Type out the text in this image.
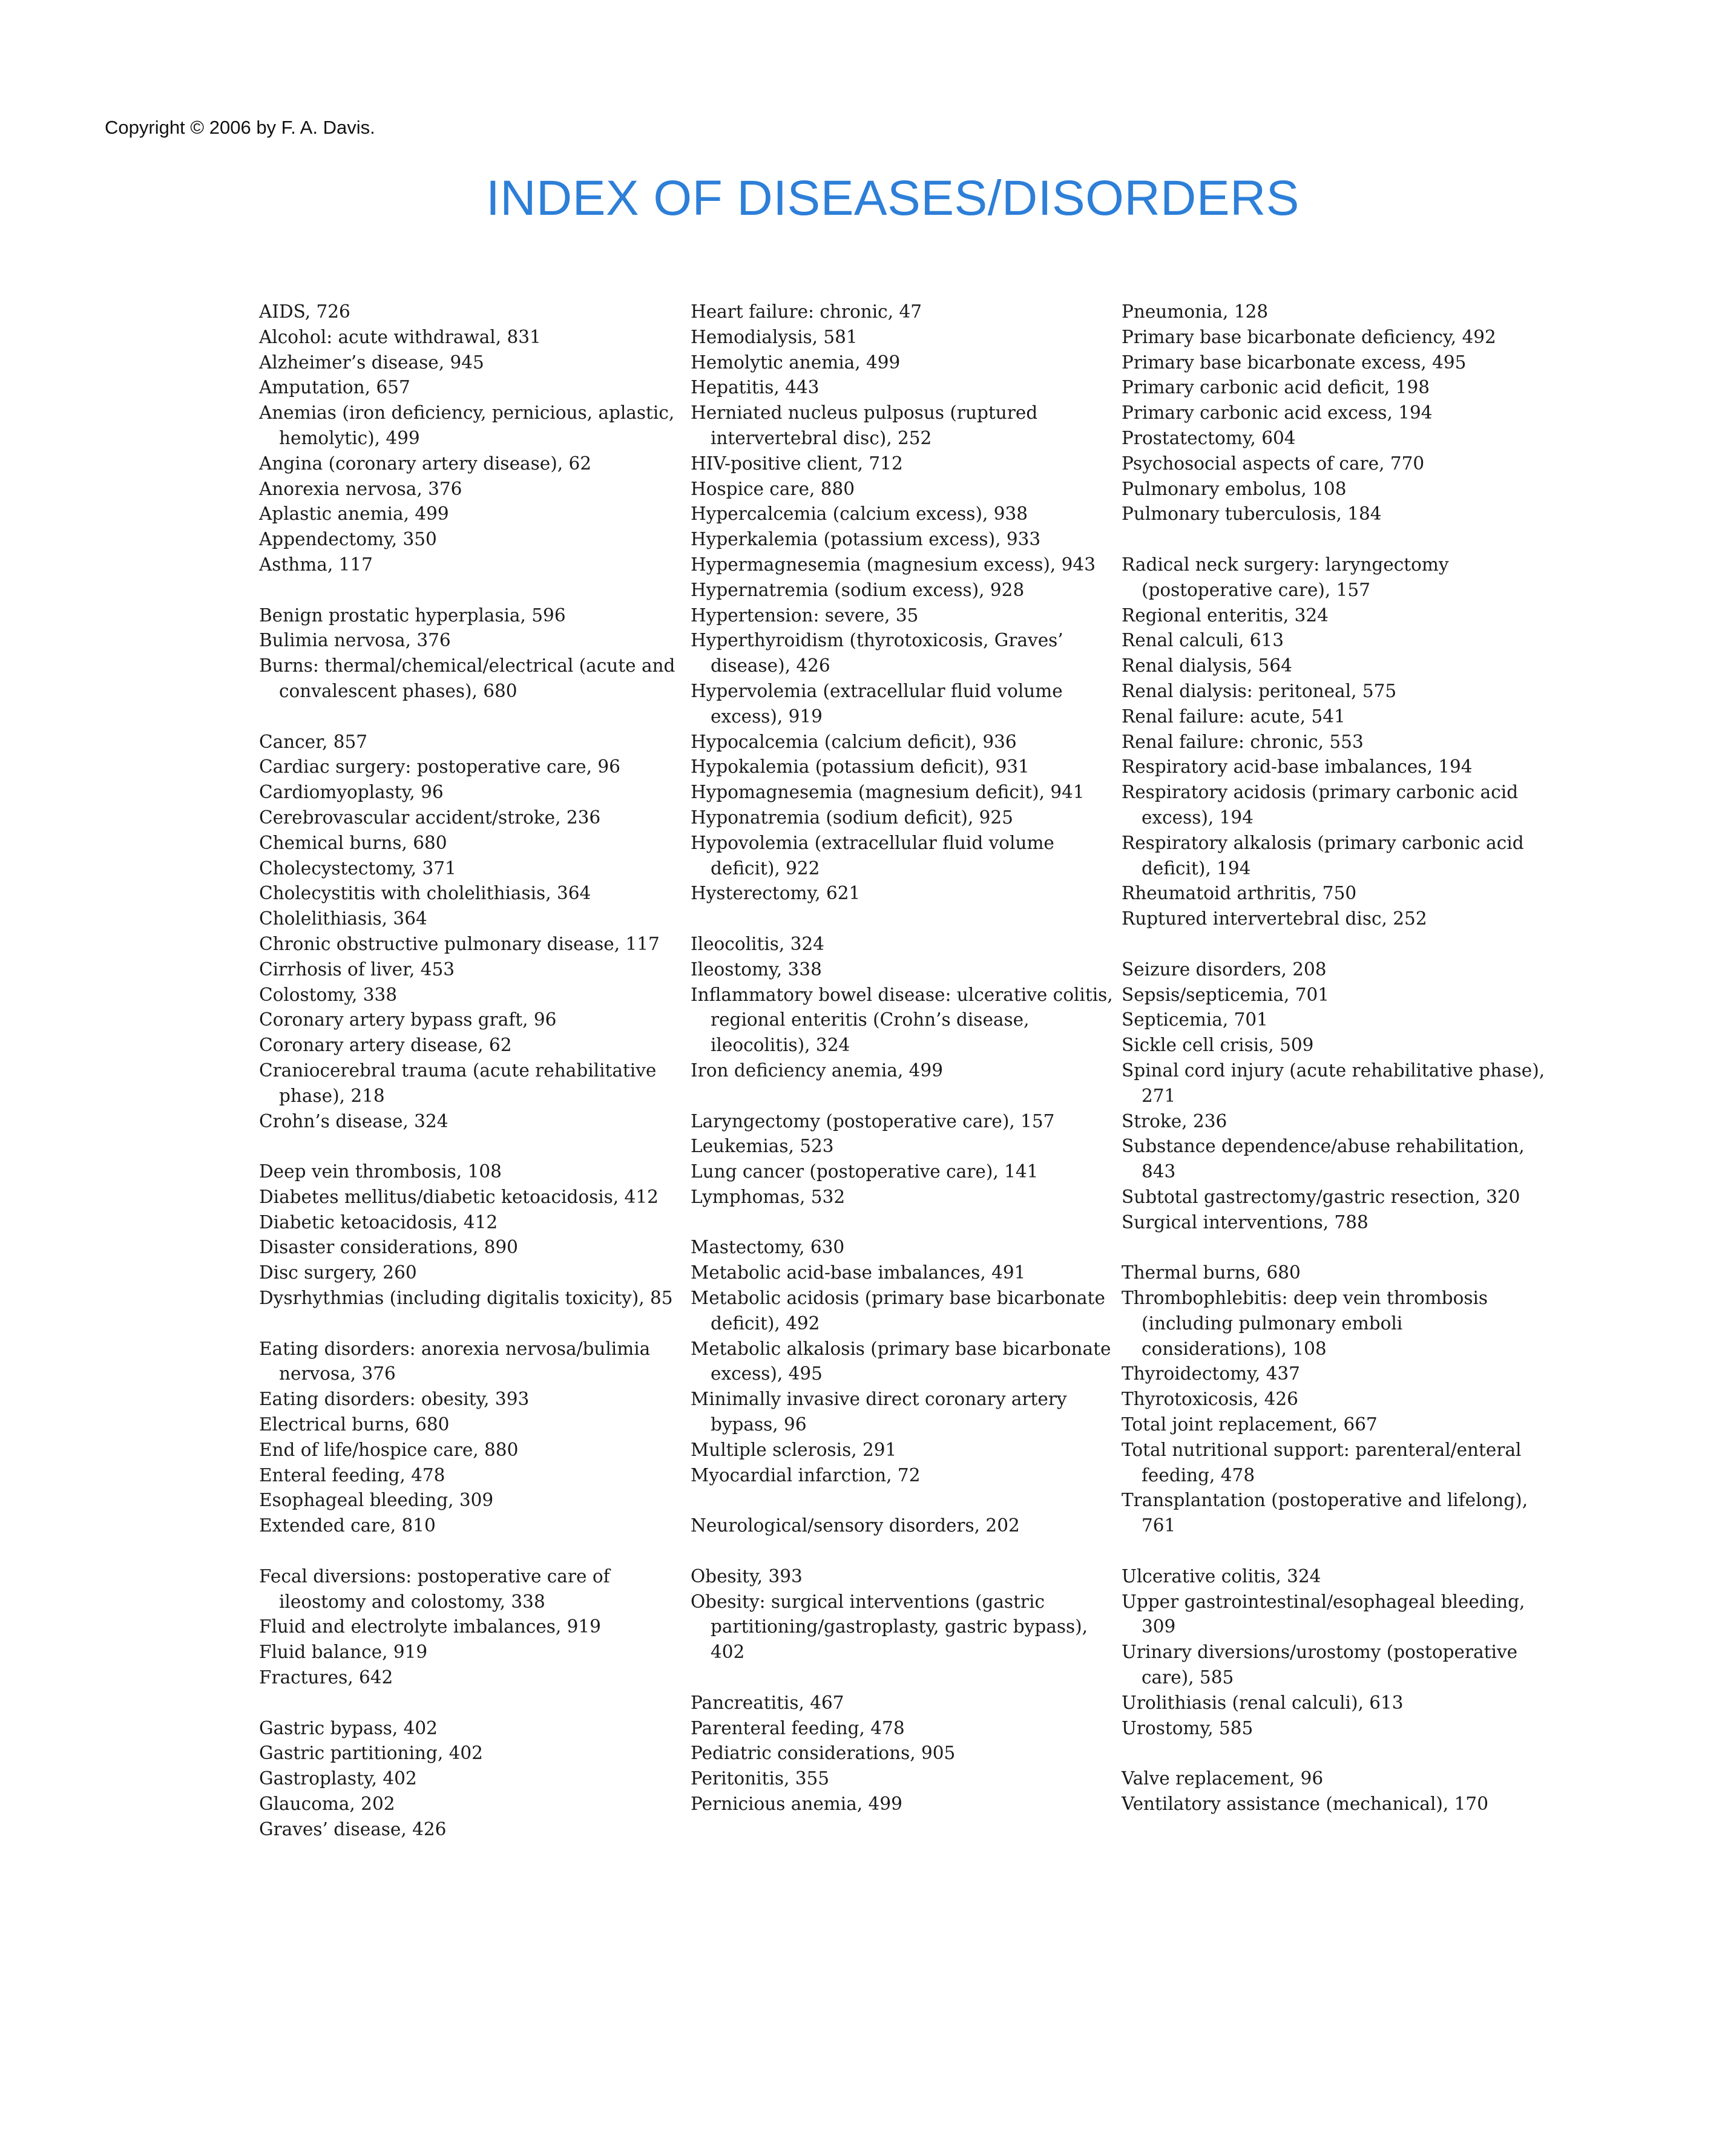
Copyright © 2006 by F. A. Davis.
INDEX OF DISEASES/DISORDERS
AIDS, 726
Alcohol: acute withdrawal, 831
Alzheimer’s disease, 945
Amputation, 657
Anemias (iron deficiency, pernicious, aplastic, hemolytic), 499
Angina (coronary artery disease), 62
Anorexia nervosa, 376
Aplastic anemia, 499
Appendectomy, 350
Asthma, 117
Benign prostatic hyperplasia, 596
Bulimia nervosa, 376
Burns: thermal/chemical/electrical (acute and convalescent phases), 680
Cancer, 857
Cardiac surgery: postoperative care, 96
Cardiomyoplasty, 96
Cerebrovascular accident/stroke, 236
Chemical burns, 680
Cholecystectomy, 371
Cholecystitis with cholelithiasis, 364
Cholelithiasis, 364
Chronic obstructive pulmonary disease, 117
Cirrhosis of liver, 453
Colostomy, 338
Coronary artery bypass graft, 96
Coronary artery disease, 62
Craniocerebral trauma (acute rehabilitative phase), 218
Crohn’s disease, 324
Deep vein thrombosis, 108
Diabetes mellitus/diabetic ketoacidosis, 412
Diabetic ketoacidosis, 412
Disaster considerations, 890
Disc surgery, 260
Dysrhythmias (including digitalis toxicity), 85
Eating disorders: anorexia nervosa/bulimia nervosa, 376
Eating disorders: obesity, 393
Electrical burns, 680
End of life/hospice care, 880
Enteral feeding, 478
Esophageal bleeding, 309
Extended care, 810
Fecal diversions: postoperative care of ileostomy and colostomy, 338
Fluid and electrolyte imbalances, 919
Fluid balance, 919
Fractures, 642
Gastric bypass, 402
Gastric partitioning, 402
Gastroplasty, 402
Glaucoma, 202
Graves’ disease, 426
Heart failure: chronic, 47
Hemodialysis, 581
Hemolytic anemia, 499
Hepatitis, 443
Herniated nucleus pulposus (ruptured intervertebral disc), 252
HIV-positive client, 712
Hospice care, 880
Hypercalcemia (calcium excess), 938
Hyperkalemia (potassium excess), 933
Hypermagnesemia (magnesium excess), 943
Hypernatremia (sodium excess), 928
Hypertension: severe, 35
Hyperthyroidism (thyrotoxicosis, Graves’ disease), 426
Hypervolemia (extracellular fluid volume excess), 919
Hypocalcemia (calcium deficit), 936
Hypokalemia (potassium deficit), 931
Hypomagnesemia (magnesium deficit), 941
Hyponatremia (sodium deficit), 925
Hypovolemia (extracellular fluid volume deficit), 922
Hysterectomy, 621
Ileocolitis, 324
Ileostomy, 338
Inflammatory bowel disease: ulcerative colitis, regional enteritis (Crohn’s disease, ileocolitis), 324
Iron deficiency anemia, 499
Laryngectomy (postoperative care), 157
Leukemias, 523
Lung cancer (postoperative care), 141
Lymphomas, 532
Mastectomy, 630
Metabolic acid-base imbalances, 491
Metabolic acidosis (primary base bicarbonate deficit), 492
Metabolic alkalosis (primary base bicarbonate excess), 495
Minimally invasive direct coronary artery bypass, 96
Multiple sclerosis, 291
Myocardial infarction, 72
Neurological/sensory disorders, 202
Obesity, 393
Obesity: surgical interventions (gastric partitioning/gastroplasty, gastric bypass), 402
Pancreatitis, 467
Parenteral feeding, 478
Pediatric considerations, 905
Peritonitis, 355
Pernicious anemia, 499
Pneumonia, 128
Primary base bicarbonate deficiency, 492
Primary base bicarbonate excess, 495
Primary carbonic acid deficit, 198
Primary carbonic acid excess, 194
Prostatectomy, 604
Psychosocial aspects of care, 770
Pulmonary embolus, 108
Pulmonary tuberculosis, 184
Radical neck surgery: laryngectomy (postoperative care), 157
Regional enteritis, 324
Renal calculi, 613
Renal dialysis, 564
Renal dialysis: peritoneal, 575
Renal failure: acute, 541
Renal failure: chronic, 553
Respiratory acid-base imbalances, 194
Respiratory acidosis (primary carbonic acid excess), 194
Respiratory alkalosis (primary carbonic acid deficit), 194
Rheumatoid arthritis, 750
Ruptured intervertebral disc, 252
Seizure disorders, 208
Sepsis/septicemia, 701
Septicemia, 701
Sickle cell crisis, 509
Spinal cord injury (acute rehabilitative phase), 271
Stroke, 236
Substance dependence/abuse rehabilitation, 843
Subtotal gastrectomy/gastric resection, 320
Surgical interventions, 788
Thermal burns, 680
Thrombophlebitis: deep vein thrombosis (including pulmonary emboli considerations), 108
Thyroidectomy, 437
Thyrotoxicosis, 426
Total joint replacement, 667
Total nutritional support: parenteral/enteral feeding, 478
Transplantation (postoperative and lifelong), 761
Ulcerative colitis, 324
Upper gastrointestinal/esophageal bleeding, 309
Urinary diversions/urostomy (postoperative care), 585
Urolithiasis (renal calculi), 613
Urostomy, 585
Valve replacement, 96
Ventilatory assistance (mechanical), 170
